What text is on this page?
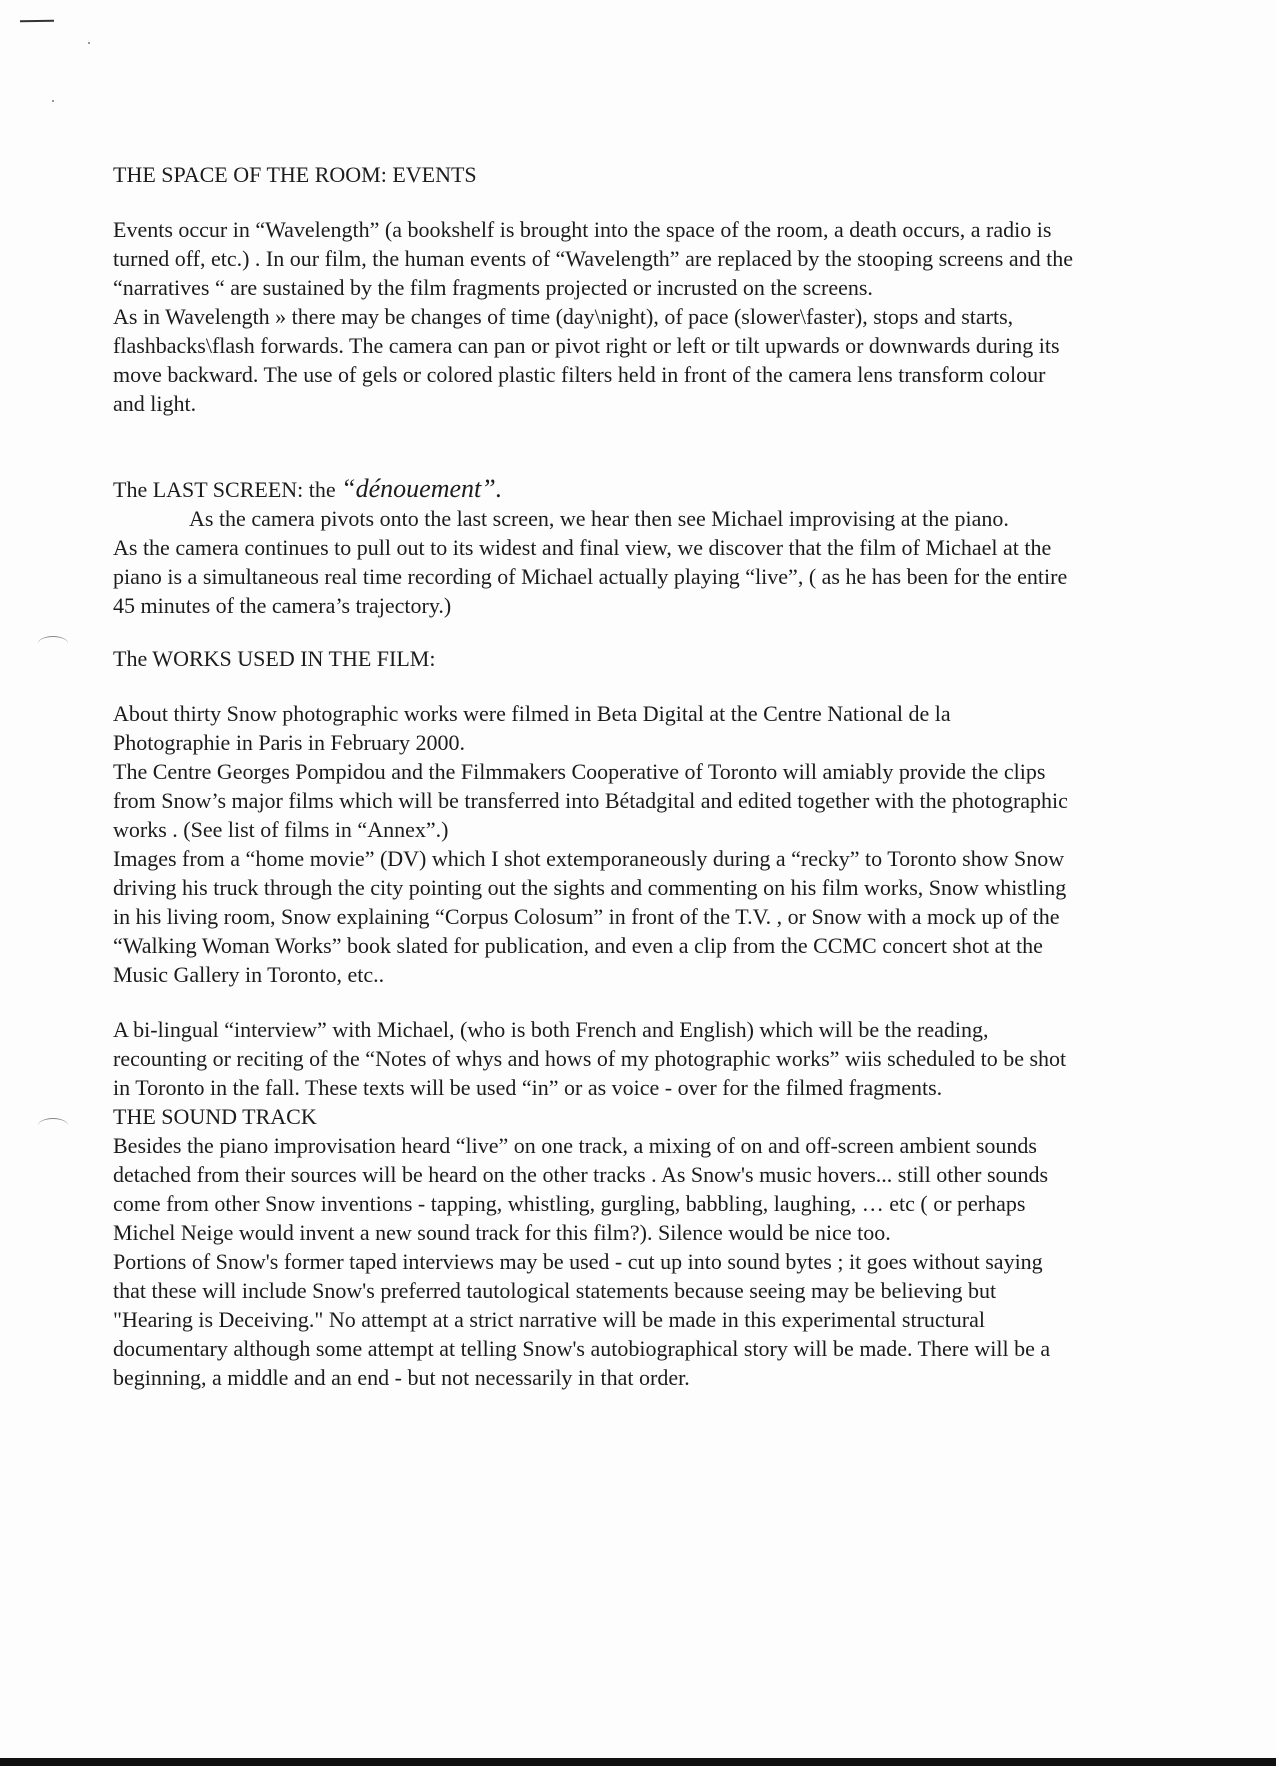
THE SPACE OF THE ROOM: EVENTS

Events occur in “Wavelength” (a bookshelf is brought into the space of the room, a death occurs, a radio is turned off, etc.) . In our film, the human events of “Wavelength” are replaced by the stooping screens and the “narratives “ are sustained by the film fragments projected or incrusted on the screens.

As in Wavelength » there may be changes of time (day\night), of pace (slower\faster), stops and starts, flashbacks\flash forwards. The camera can pan or pivot right or left or tilt upwards or downwards during its move backward. The use of gels or colored plastic filters held in front of the camera lens transform colour and light.

The LAST SCREEN: the “dénouement”.

As the camera pivots onto the last screen, we hear then see Michael improvising at the piano.

As the camera continues to pull out to its widest and final view, we discover that the film of Michael at the piano is a simultaneous real time recording of Michael actually playing “live”, ( as he has been for the entire 45 minutes of the camera’s trajectory.)

The WORKS USED IN THE FILM:

About thirty Snow photographic works were filmed in Beta Digital at the Centre National de la Photographie in Paris in February 2000.

The Centre Georges Pompidou and the Filmmakers Cooperative of Toronto will amiably provide the clips from Snow’s major films which will be transferred into Bétadgital and edited together with the photographic works . (See list of films in “Annex”.)

Images from a “home movie” (DV) which I shot extemporaneously during a “recky” to Toronto show Snow driving his truck through the city pointing out the sights and commenting on his film works, Snow whistling in his living room, Snow explaining “Corpus Colosum” in front of the T.V. , or Snow with a mock up of the “Walking Woman Works” book slated for publication, and even a clip from the CCMC concert shot at the Music Gallery in Toronto, etc..

A bi-lingual “interview” with Michael, (who is both French and English) which will be the reading, recounting or reciting of the “Notes of whys and hows of my photographic works” wiis scheduled to be shot in Toronto in the fall. These texts will be used “in” or as voice - over for the filmed fragments.

THE SOUND TRACK

Besides the piano improvisation heard “live” on one track, a mixing of on and off-screen ambient sounds detached from their sources will be heard on the other tracks . As Snow's music hovers... still other sounds come from other Snow inventions - tapping, whistling, gurgling, babbling, laughing, … etc ( or perhaps Michel Neige would invent a new sound track for this film?). Silence would be nice too.

Portions of Snow's former taped interviews may be used - cut up into sound bytes ; it goes without saying that these will include Snow's preferred tautological statements because seeing may be believing but "Hearing is Deceiving." No attempt at a strict narrative will be made in this experimental structural documentary although some attempt at telling Snow's autobiographical story will be made. There will be a beginning, a middle and an end - but not necessarily in that order.
